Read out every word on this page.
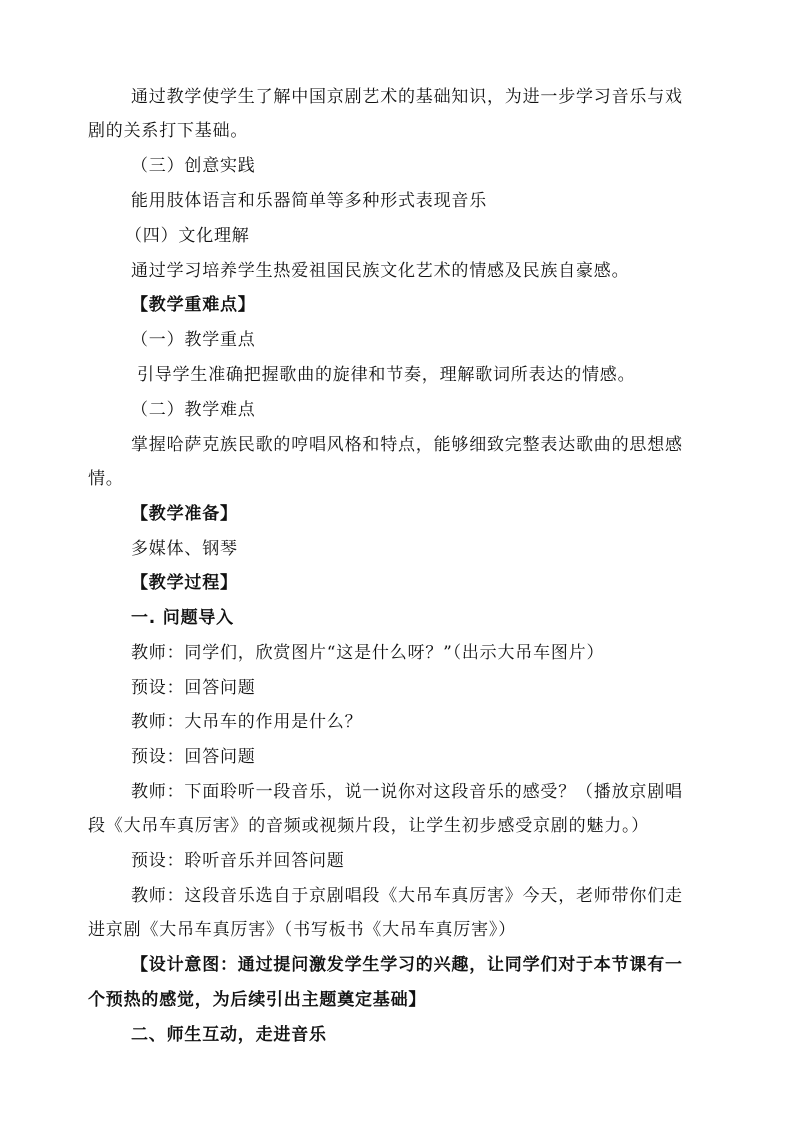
通过教学使学生了解中国京剧艺术的基础知识，为进一步学习音乐与戏
剧的关系打下基础。
（三）创意实践
能用肢体语言和乐器简单等多种形式表现音乐
（四）文化理解
通过学习培养学生热爱祖国民族文化艺术的情感及民族自豪感。
【教学重难点】
（一）教学重点
引导学生准确把握歌曲的旋律和节奏，理解歌词所表达的情感。
（二）教学难点
掌握哈萨克族民歌的哼唱风格和特点，能够细致完整表达歌曲的思想感
情。
【教学准备】
多媒体、钢琴
【教学过程】
一. 问题导入
教师：同学们，欣赏图片“这是什么呀？”（出示大吊车图片）
预设：回答问题
教师：大吊车的作用是什么？
预设：回答问题
教师：下面聆听一段音乐，说一说你对这段音乐的感受？（播放京剧唱
段《大吊车真厉害》的音频或视频片段，让学生初步感受京剧的魅力。）
预设：聆听音乐并回答问题
教师：这段音乐选自于京剧唱段《大吊车真厉害》今天，老师带你们走
进京剧《大吊车真厉害》（书写板书《大吊车真厉害》）
【设计意图：通过提问激发学生学习的兴趣，让同学们对于本节课有一
个预热的感觉，为后续引出主题奠定基础】
二、师生互动，走进音乐
